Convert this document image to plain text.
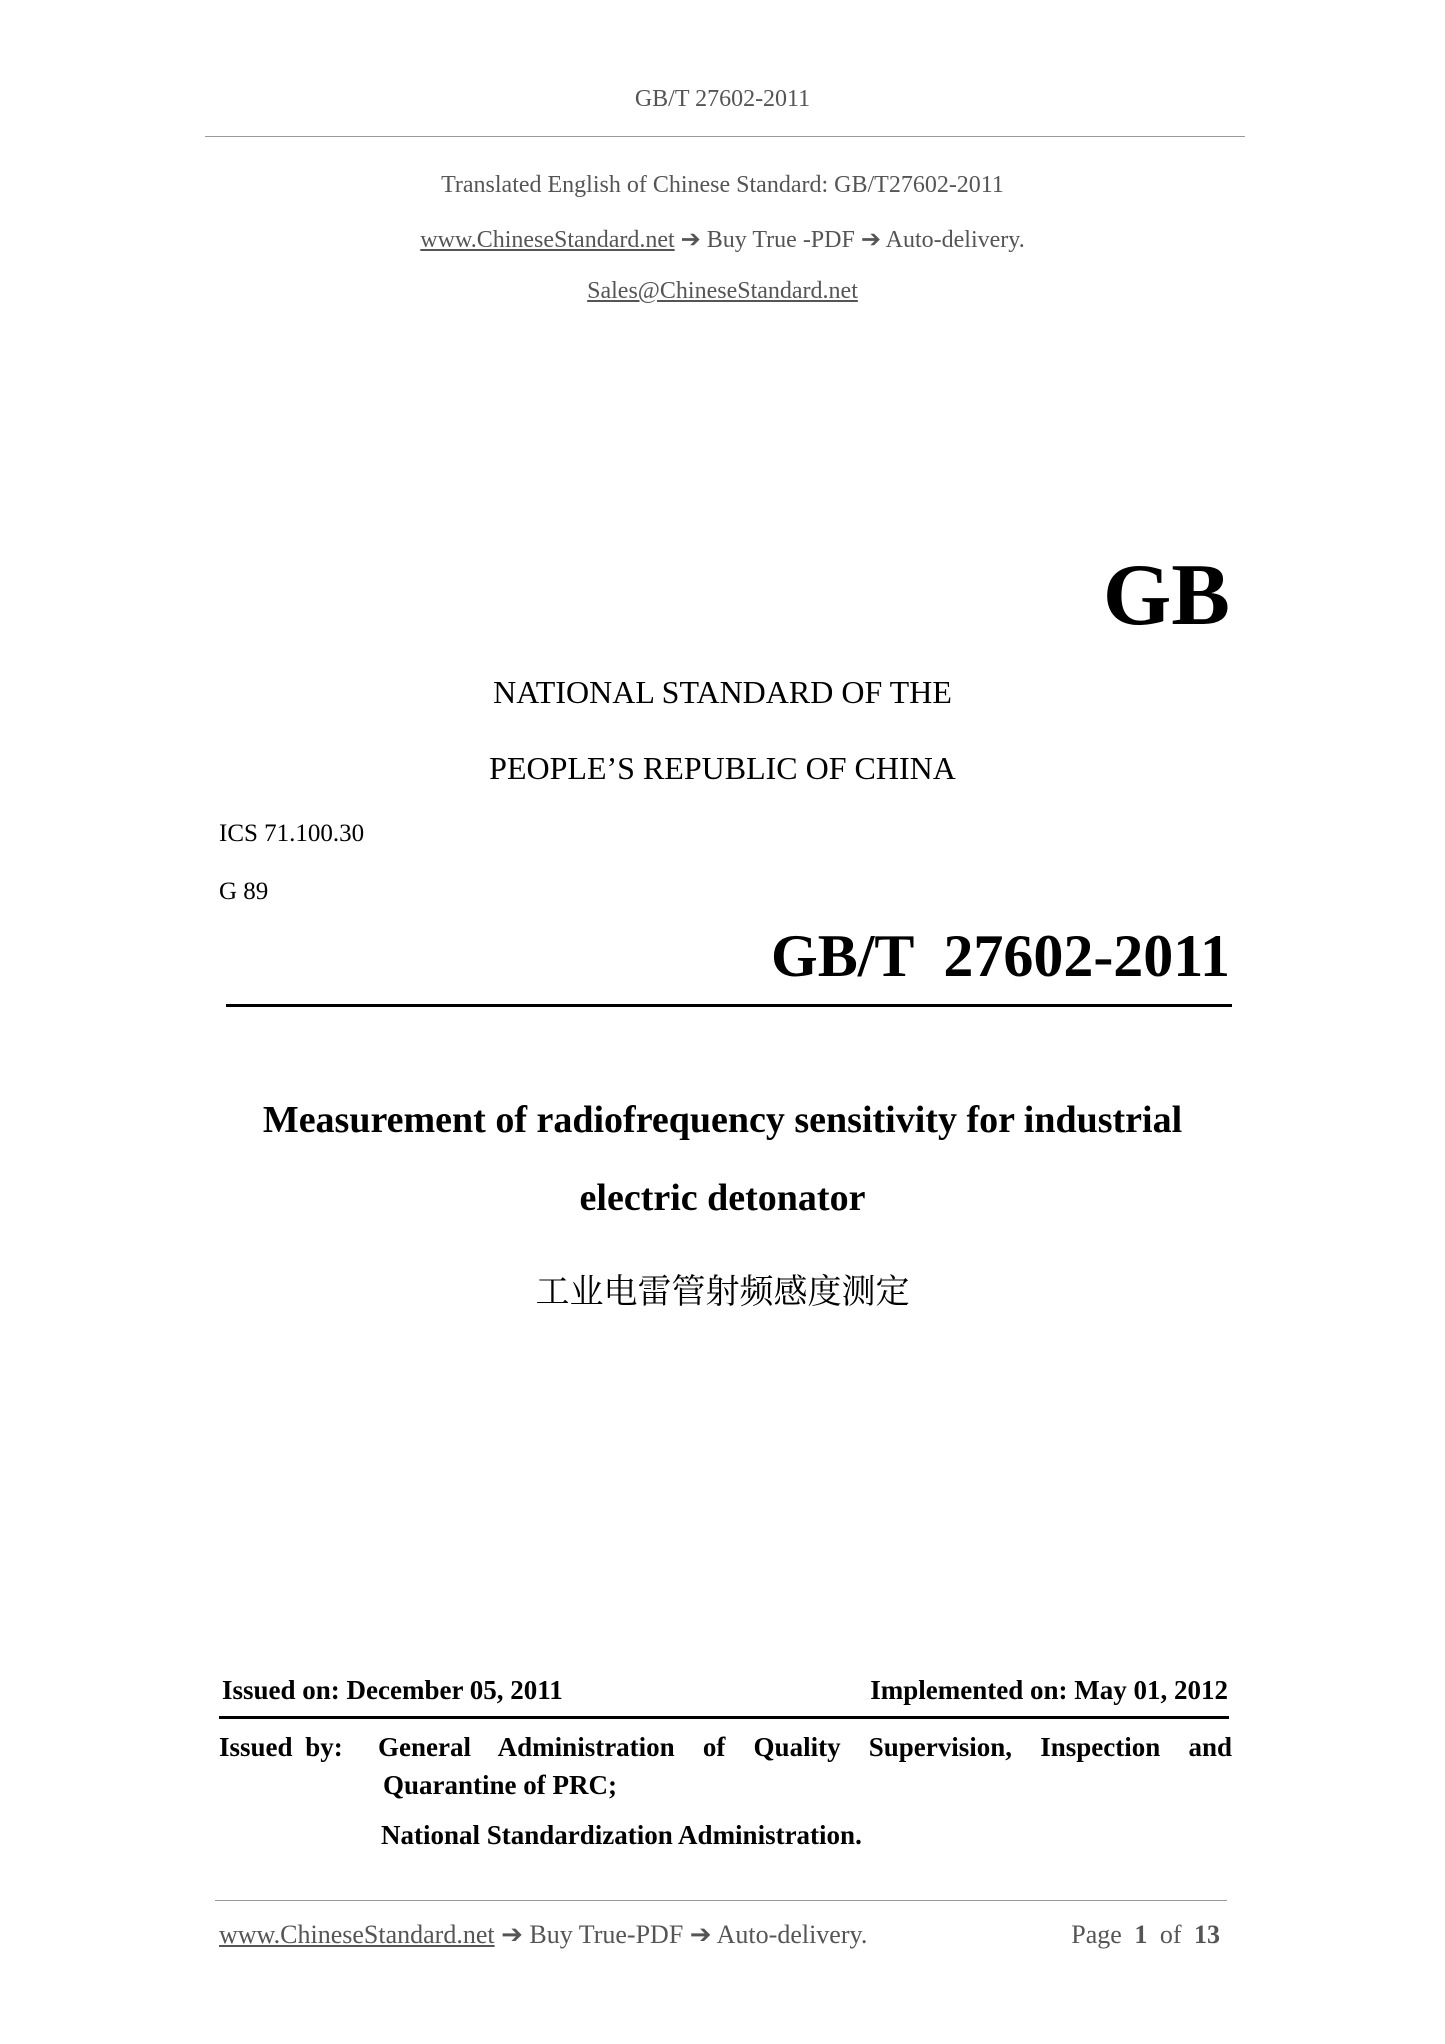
GB/T 27602-2011
Translated English of Chinese Standard: GB/T27602-2011
www.ChineseStandard.net ➔ Buy True -PDF ➔ Auto-delivery.
Sales@ChineseStandard.net
GB
NATIONAL STANDARD OF THE
PEOPLE’S REPUBLIC OF CHINA
ICS 71.100.30
G 89
GB/T  27602-2011
Measurement of radiofrequency sensitivity for industrial
electric detonator
工业电雷管射频感度测定
Issued on: December 05, 2011	Implemented on: May 01, 2012
Issued by: General Administration of Quality Supervision, Inspection and
Quarantine of PRC;
National Standardization Administration.
www.ChineseStandard.net ➔ Buy True-PDF ➔ Auto-delivery.	Page 1 of 13
